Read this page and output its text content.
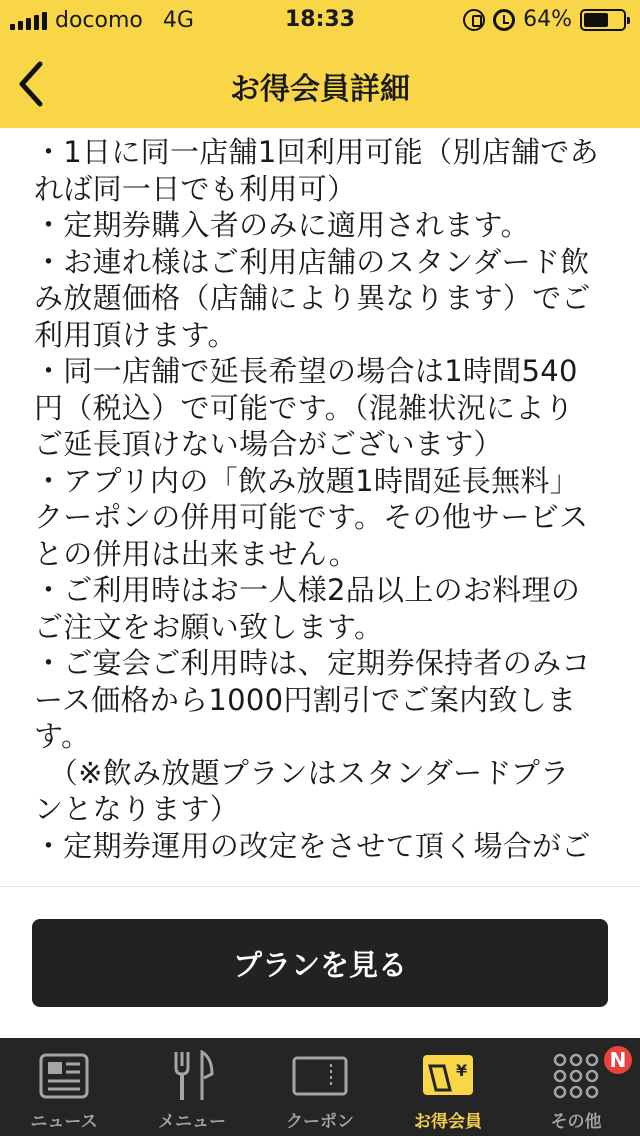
docomo 4G	18:33	64%
お得会員詳細

・1日に同一店舗1回利用可能（別店舗であ

れば同一日でも利用可）

・定期券購入者のみに適用されます。

・お連れ様はご利用店舗のスタンダード飲

み放題価格（店舗により異なります）でご

利用頂けます。

・同一店舗で延長希望の場合は1時間540

円（税込）で可能です。（混雑状況により

ご延長頂けない場合がございます）

・アプリ内の「飲み放題1時間延長無料」

クーポンの併用可能です。その他サービス

との併用は出来ません。

・ご利用時はお一人様2品以上のお料理の

ご注文をお願い致します。

・ご宴会ご利用時は、定期券保持者のみコ

ース価格から1000円割引でご案内致しま

す。

　（※飲み放題プランはスタンダードプラ

ンとなります）

・定期券運用の改定をさせて頂く場合がご

プランを見る
ニュース	メニュー	クーポン
¥
お得会員
N
その他
